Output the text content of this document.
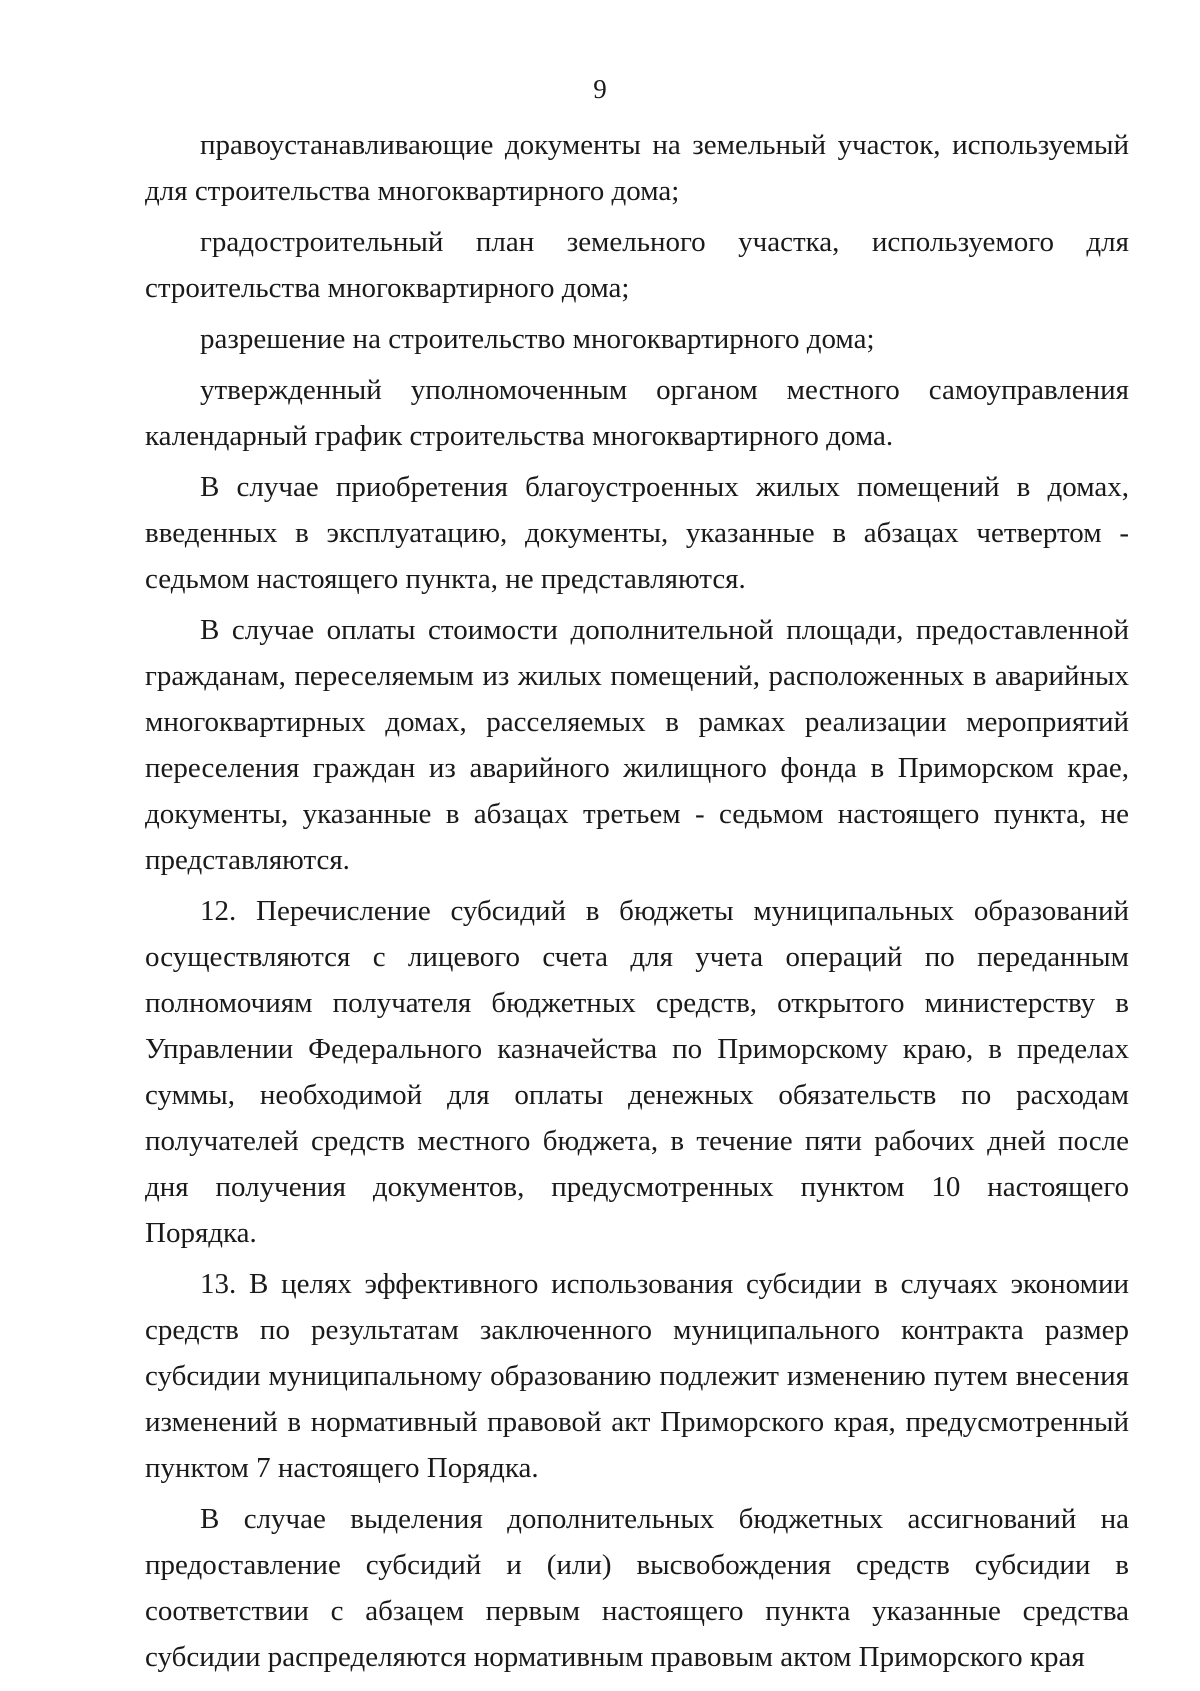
9

правоустанавливающие документы на земельный участок, используемый для строительства многоквартирного дома;

градостроительный план земельного участка, используемого для строительства многоквартирного дома;

разрешение на строительство многоквартирного дома;

утвержденный уполномоченным органом местного самоуправления календарный график строительства многоквартирного дома.

В случае приобретения благоустроенных жилых помещений в домах, введенных в эксплуатацию, документы, указанные в абзацах четвертом - седьмом настоящего пункта, не представляются.

В случае оплаты стоимости дополнительной площади, предоставленной гражданам, переселяемым из жилых помещений, расположенных в аварийных многоквартирных домах, расселяемых в рамках реализации мероприятий переселения граждан из аварийного жилищного фонда в Приморском крае, документы, указанные в абзацах третьем - седьмом настоящего пункта, не представляются.

12. Перечисление субсидий в бюджеты муниципальных образований осуществляются с лицевого счета для учета операций по переданным полномочиям получателя бюджетных средств, открытого министерству в Управлении Федерального казначейства по Приморскому краю, в пределах суммы, необходимой для оплаты денежных обязательств по расходам получателей средств местного бюджета, в течение пяти рабочих дней после дня получения документов, предусмотренных пунктом 10 настоящего Порядка.

13. В целях эффективного использования субсидии в случаях экономии средств по результатам заключенного муниципального контракта размер субсидии муниципальному образованию подлежит изменению путем внесения изменений в нормативный правовой акт Приморского края, предусмотренный пунктом 7 настоящего Порядка.

В случае выделения дополнительных бюджетных ассигнований на предоставление субсидий и (или) высвобождения средств субсидии в соответствии с абзацем первым настоящего пункта указанные средства субсидии распределяются нормативным правовым актом Приморского края
